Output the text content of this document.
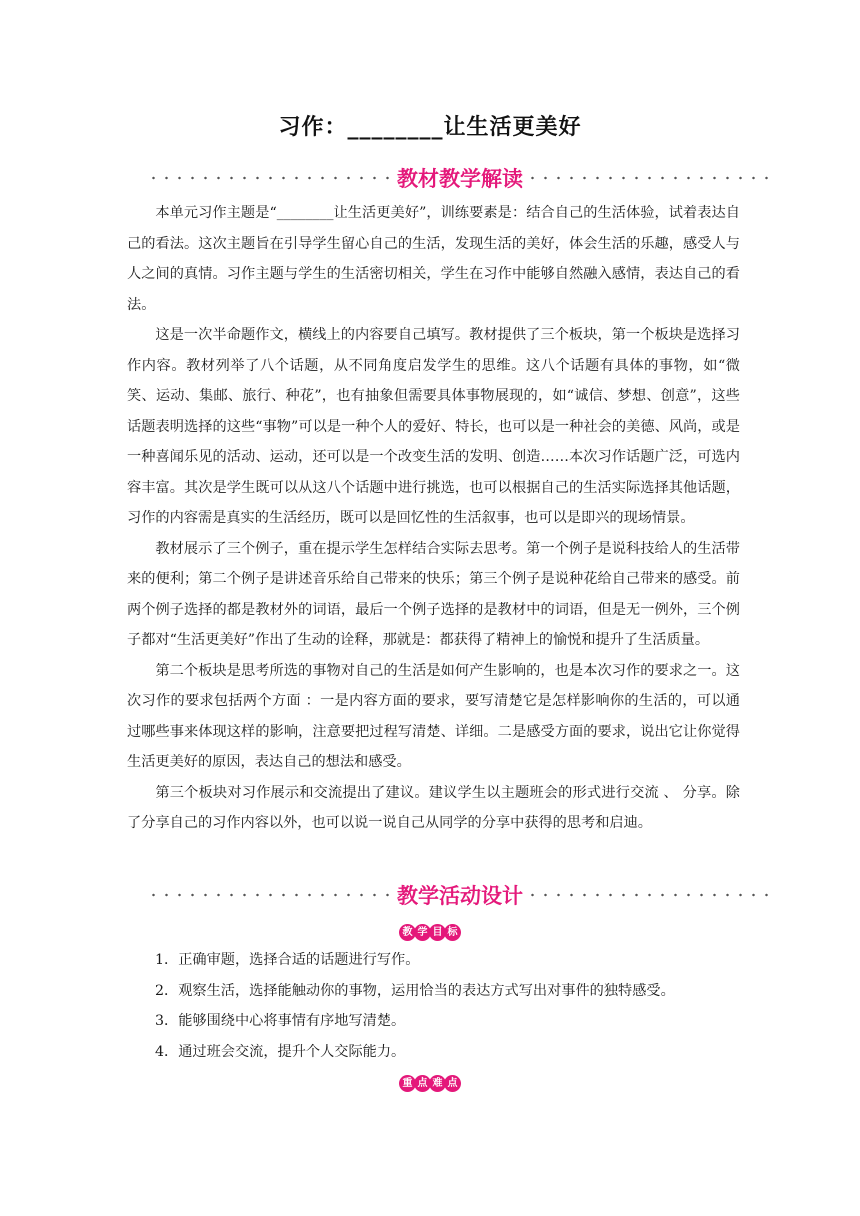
习作：________让生活更美好
教材教学解读

本单元习作主题是“________让生活更美好”，训练要素是：结合自己的生活体验，试着表达自己的看法。这次主题旨在引导学生留心自己的生活，发现生活的美好，体会生活的乐趣，感受人与人之间的真情。习作主题与学生的生活密切相关，学生在习作中能够自然融入感情，表达自己的看法。

这是一次半命题作文，横线上的内容要自己填写。教材提供了三个板块，第一个板块是选择习作内容。教材列举了八个话题，从不同角度启发学生的思维。这八个话题有具体的事物，如“微笑、运动、集邮、旅行、种花”，也有抽象但需要具体事物展现的，如“诚信、梦想、创意”，这些话题表明选择的这些“事物”可以是一种个人的爱好、特长，也可以是一种社会的美德、风尚，或是一种喜闻乐见的活动、运动，还可以是一个改变生活的发明、创造……本次习作话题广泛，可选内容丰富。其次是学生既可以从这八个话题中进行挑选，也可以根据自己的生活实际选择其他话题，习作的内容需是真实的生活经历，既可以是回忆性的生活叙事，也可以是即兴的现场情景。

教材展示了三个例子，重在提示学生怎样结合实际去思考。第一个例子是说科技给人的生活带来的便利；第二个例子是讲述音乐给自己带来的快乐；第三个例子是说种花给自己带来的感受。前两个例子选择的都是教材外的词语，最后一个例子选择的是教材中的词语，但是无一例外，三个例子都对“生活更美好”作出了生动的诠释，那就是：都获得了精神上的愉悦和提升了生活质量。

第二个板块是思考所选的事物对自己的生活是如何产生影响的，也是本次习作的要求之一。这次习作的要求包括两个方面 ：一是内容方面的要求，要写清楚它是怎样影响你的生活的，可以通过哪些事来体现这样的影响，注意要把过程写清楚、详细。二是感受方面的要求，说出它让你觉得生活更美好的原因，表达自己的想法和感受。

第三个板块对习作展示和交流提出了建议。建议学生以主题班会的形式进行交流 、 分享。除了分享自己的习作内容以外，也可以说一说自己从同学的分享中获得的思考和启迪。

教学活动设计
教 学 目 标
1．正确审题，选择合适的话题进行写作。
2．观察生活，选择能触动你的事物，运用恰当的表达方式写出对事件的独特感受。
3．能够围绕中心将事情有序地写清楚。
4．通过班会交流，提升个人交际能力。
重 点 难 点
